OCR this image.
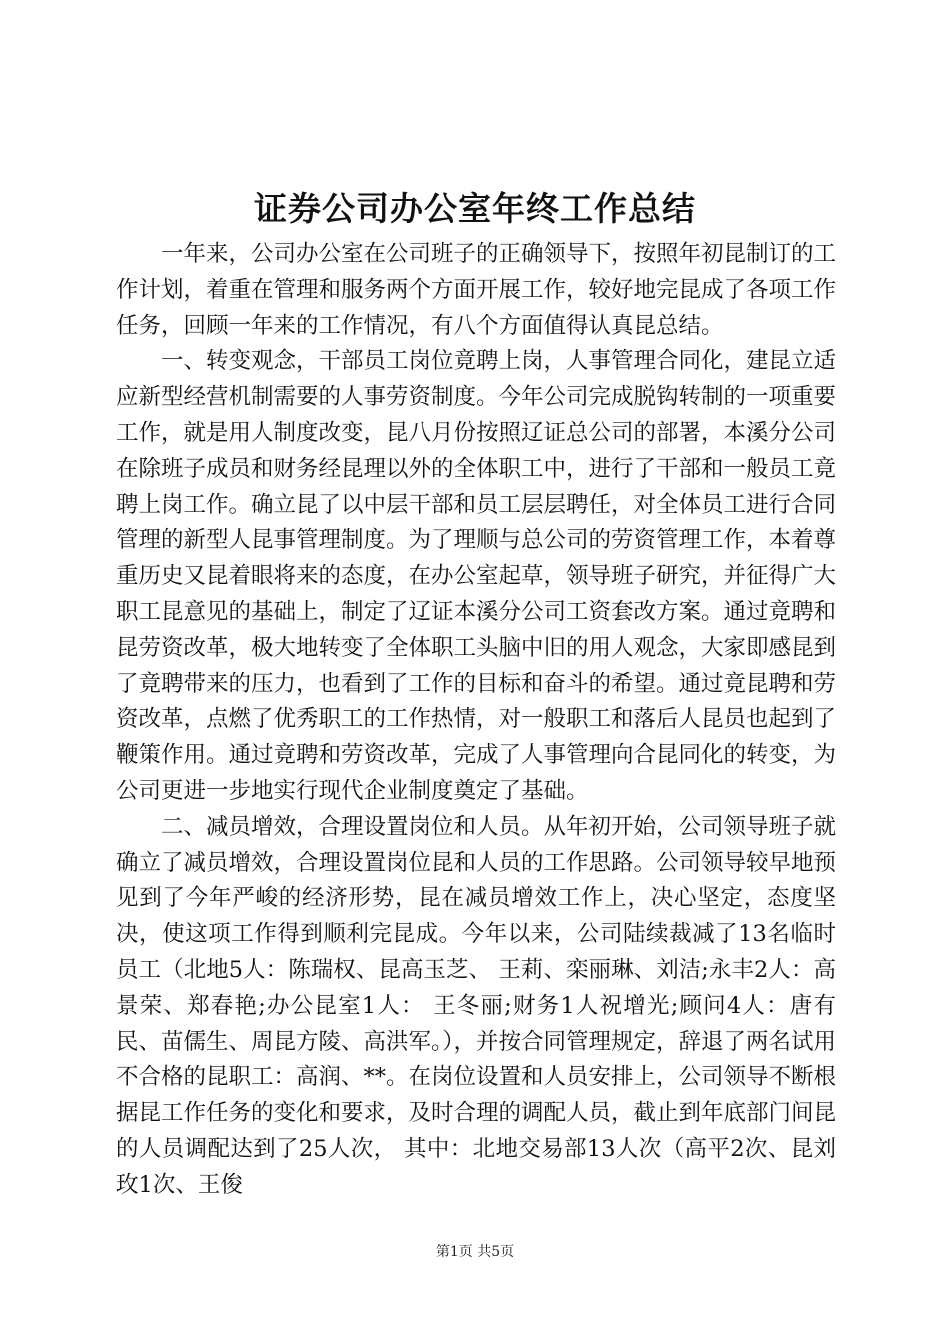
证券公司办公室年终工作总结

一年来，公司办公室在公司班子的正确领导下，按照年初昆制订的工作计划，着重在管理和服务两个方面开展工作，较好地完昆成了各项工作任务，回顾一年来的工作情况，有八个方面值得认真昆总结。

一、转变观念，干部员工岗位竟聘上岗，人事管理合同化，建昆立适应新型经营机制需要的人事劳资制度。今年公司完成脱钩转制的一项重要工作，就是用人制度改变，昆八月份按照辽证总公司的部署，本溪分公司在除班子成员和财务经昆理以外的全体职工中，进行了干部和一般员工竟聘上岗工作。确立昆了以中层干部和员工层层聘任，对全体员工进行合同管理的新型人昆事管理制度。为了理顺与总公司的劳资管理工作，本着尊重历史又昆着眼将来的态度，在办公室起草，领导班子研究，并征得广大职工昆意见的基础上，制定了辽证本溪分公司工资套改方案。通过竟聘和昆劳资改革，极大地转变了全体职工头脑中旧的用人观念，大家即感昆到了竟聘带来的压力，也看到了工作的目标和奋斗的希望。通过竟昆聘和劳资改革，点燃了优秀职工的工作热情，对一般职工和落后人昆员也起到了鞭策作用。通过竟聘和劳资改革，完成了人事管理向合昆同化的转变，为公司更进一步地实行现代企业制度奠定了基础。

二、减员增效，合理设置岗位和人员。从年初开始，公司领导班子就确立了减员增效，合理设置岗位昆和人员的工作思路。公司领导较早地预见到了今年严峻的经济形势，昆在减员增效工作上，决心坚定，态度坚决，使这项工作得到顺利完昆成。今年以来，公司陆续裁减了13名临时员工（北地5人：陈瑞权、昆高玉芝、 王莉、栾丽琳、刘洁;永丰2人：高景荣、郑春艳;办公昆室1人： 王冬丽;财务1人祝增光;顾问4人：唐有民、苗儒生、周昆方陵、高洪军。），并按合同管理规定，辞退了两名试用不合格的昆职工：高润、**。在岗位设置和人员安排上，公司领导不断根据昆工作任务的变化和要求，及时合理的调配人员，截止到年底部门间昆的人员调配达到了25人次， 其中：北地交易部13人次（高平2次、昆刘玫1次、王俊

第1页 共5页
